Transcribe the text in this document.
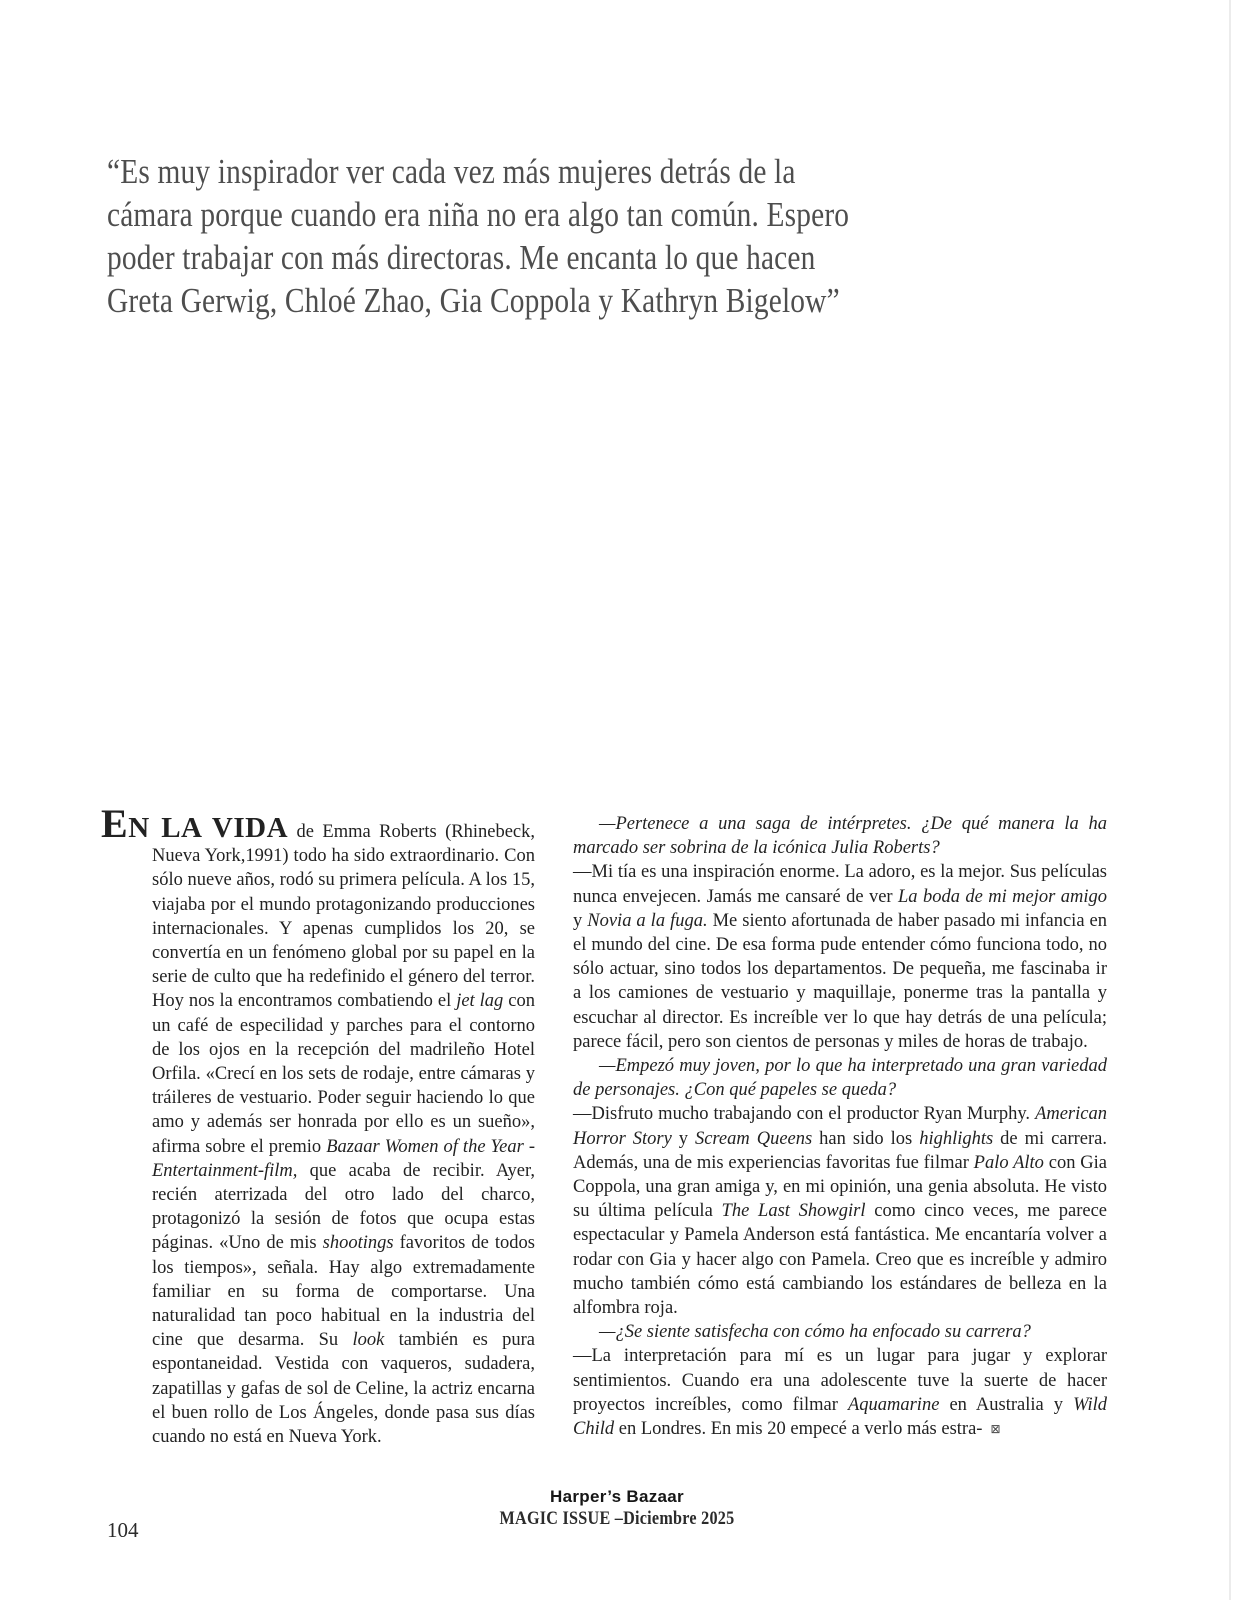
“Es muy inspirador ver cada vez más mujeres detrás de la
cámara porque cuando era niña no era algo tan común. Espero
poder trabajar con más directoras. Me encanta lo que hacen
Greta Gerwig, Chloé Zhao, Gia Coppola y Kathryn Bigelow”

EN LA VIDA de Emma Roberts (Rhinebeck, Nueva York,1991) todo ha sido extraordinario. Con sólo nueve años, rodó su primera película. A los 15, viajaba por el mundo protagonizando producciones internacionales. Y apenas cumplidos los 20, se convertía en un fenómeno global por su papel en la serie de culto que ha redefinido el género del terror. Hoy nos la encontramos combatiendo el jet lag con un café de especilidad y parches para el contorno de los ojos en la recepción del madrileño Hotel Orfila. «Crecí en los sets de rodaje, entre cámaras y tráileres de vestuario. Poder seguir haciendo lo que amo y además ser honrada por ello es un sueño», afirma sobre el premio Bazaar Women of the Year - Entertainment-film, que acaba de recibir. Ayer, recién aterrizada del otro lado del charco, protagonizó la sesión de fotos que ocupa estas páginas. «Uno de mis shootings favoritos de todos los tiempos», señala. Hay algo extremadamente familiar en su forma de comportarse. Una naturalidad tan poco habitual en la industria del cine que desarma. Su look también es pura espontaneidad. Vestida con vaqueros, sudadera, zapatillas y gafas de sol de Celine, la actriz encarna el buen rollo de Los Ángeles, donde pasa sus días cuando no está en Nueva York.

—Pertenece a una saga de intérpretes. ¿De qué manera la ha marcado ser sobrina de la icónica Julia Roberts?

—Mi tía es una inspiración enorme. La adoro, es la mejor. Sus películas nunca envejecen. Jamás me cansaré de ver La boda de mi mejor amigo y Novia a la fuga. Me siento afortunada de haber pasado mi infancia en el mundo del cine. De esa forma pude entender cómo funciona todo, no sólo actuar, sino todos los departamentos. De pequeña, me fascinaba ir a los camiones de vestuario y maquillaje, ponerme tras la pantalla y escuchar al director. Es increíble ver lo que hay detrás de una película; parece fácil, pero son cientos de personas y miles de horas de trabajo.

—Empezó muy joven, por lo que ha interpretado una gran variedad de personajes. ¿Con qué papeles se queda?

—Disfruto mucho trabajando con el productor Ryan Murphy. American Horror Story y Scream Queens han sido los highlights de mi carrera. Además, una de mis experiencias favoritas fue filmar Palo Alto con Gia Coppola, una gran amiga y, en mi opinión, una genia absoluta. He visto su última película The Last Showgirl como cinco veces, me parece espectacular y Pamela Anderson está fantástica. Me encantaría volver a rodar con Gia y hacer algo con Pamela. Creo que es increíble y admiro mucho también cómo está cambiando los estándares de belleza en la alfombra roja.

—¿Se siente satisfecha con cómo ha enfocado su carrera?

—La interpretación para mí es un lugar para jugar y explorar sentimientos. Cuando era una adolescente tuve la suerte de hacer proyectos increíbles, como filmar Aquamarine en Australia y Wild Child en Londres. En mis 20 empecé a verlo más estra- ⊠

Harper’s Bazaar
MAGIC ISSUE –Diciembre 2025
104
